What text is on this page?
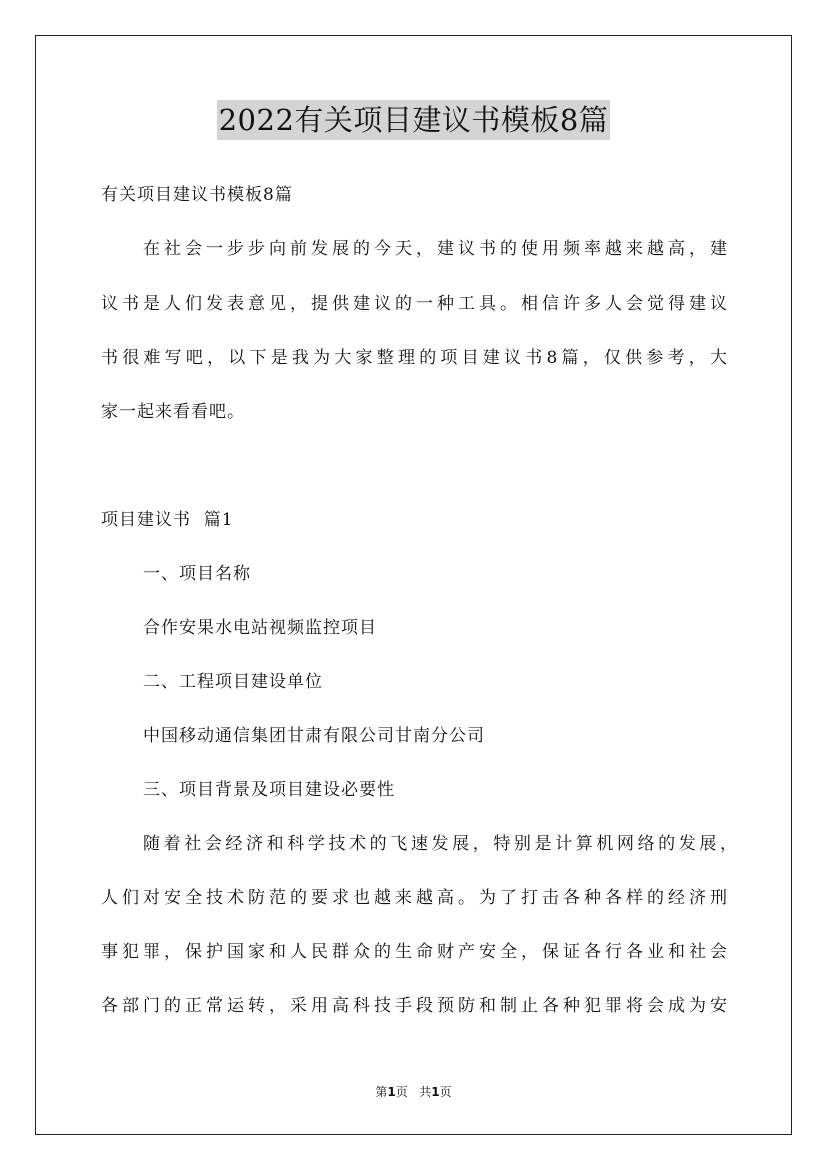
2022有关项目建议书模板8篇
有关项目建议书模板8篇
在社会一步步向前发展的今天，建议书的使用频率越来越高，建
议书是人们发表意见，提供建议的一种工具。相信许多人会觉得建议
书很难写吧，以下是我为大家整理的项目建议书8篇，仅供参考，大
家一起来看看吧。
项目建议书  篇1
一、项目名称
合作安果水电站视频监控项目
二、工程项目建设单位
中国移动通信集团甘肃有限公司甘南分公司
三、项目背景及项目建设必要性
随着社会经济和科学技术的飞速发展，特别是计算机网络的发展，
人们对安全技术防范的要求也越来越高。为了打击各种各样的经济刑
事犯罪，保护国家和人民群众的生命财产安全，保证各行各业和社会
各部门的正常运转，采用高科技手段预防和制止各种犯罪将会成为安
第1页 共1页
